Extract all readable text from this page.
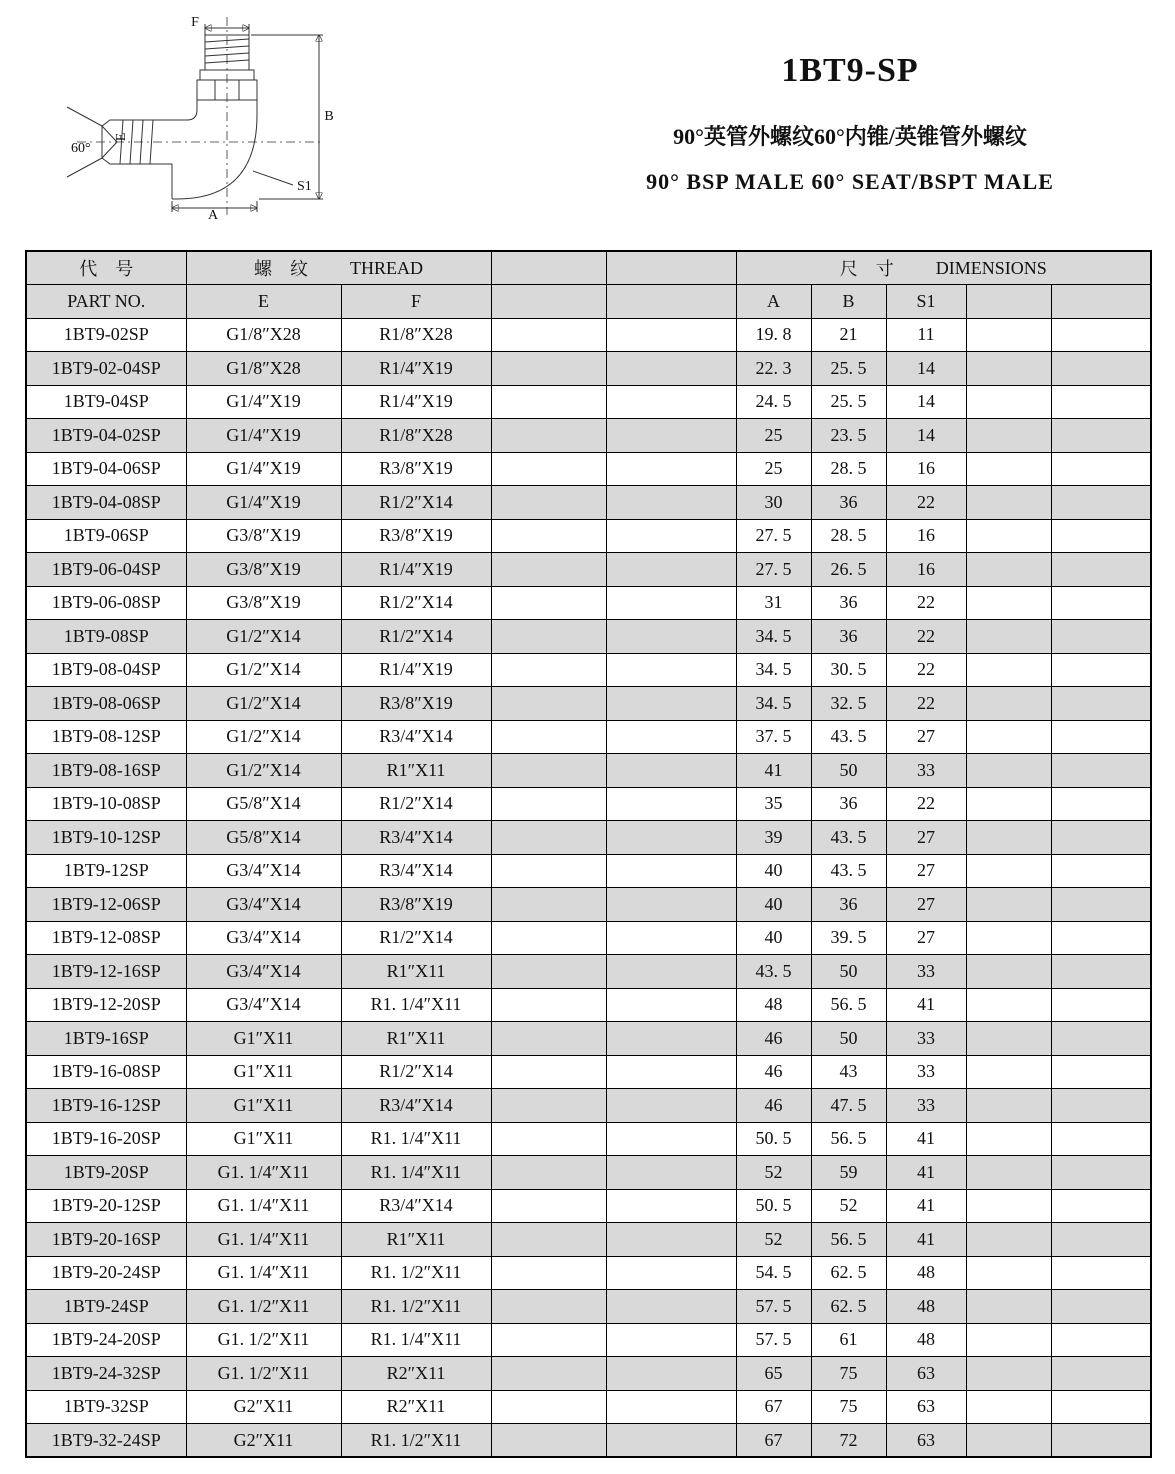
F
B
E
A
S1
60°
1BT9-SP
90°英管外螺纹60°内锥/英锥管外螺纹
90° BSP MALE 60° SEAT/BSPT MALE
代　号	螺　纹 THREAD				尺　寸 DIMENSIONS				

PART NO.	E	F			A	B	S1		
1BT9-02SP	G1/8″X28	R1/8″X28			19. 8	21	11		
1BT9-02-04SP	G1/8″X28	R1/4″X19			22. 3	25. 5	14		
1BT9-04SP	G1/4″X19	R1/4″X19			24. 5	25. 5	14		
1BT9-04-02SP	G1/4″X19	R1/8″X28			25	23. 5	14		
1BT9-04-06SP	G1/4″X19	R3/8″X19			25	28. 5	16		
1BT9-04-08SP	G1/4″X19	R1/2″X14			30	36	22		
1BT9-06SP	G3/8″X19	R3/8″X19			27. 5	28. 5	16		
1BT9-06-04SP	G3/8″X19	R1/4″X19			27. 5	26. 5	16		
1BT9-06-08SP	G3/8″X19	R1/2″X14			31	36	22		
1BT9-08SP	G1/2″X14	R1/2″X14			34. 5	36	22		
1BT9-08-04SP	G1/2″X14	R1/4″X19			34. 5	30. 5	22		
1BT9-08-06SP	G1/2″X14	R3/8″X19			34. 5	32. 5	22		
1BT9-08-12SP	G1/2″X14	R3/4″X14			37. 5	43. 5	27		
1BT9-08-16SP	G1/2″X14	R1″X11			41	50	33		
1BT9-10-08SP	G5/8″X14	R1/2″X14			35	36	22		
1BT9-10-12SP	G5/8″X14	R3/4″X14			39	43. 5	27		
1BT9-12SP	G3/4″X14	R3/4″X14			40	43. 5	27		
1BT9-12-06SP	G3/4″X14	R3/8″X19			40	36	27		
1BT9-12-08SP	G3/4″X14	R1/2″X14			40	39. 5	27		
1BT9-12-16SP	G3/4″X14	R1″X11			43. 5	50	33		
1BT9-12-20SP	G3/4″X14	R1. 1/4″X11			48	56. 5	41		
1BT9-16SP	G1″X11	R1″X11			46	50	33		
1BT9-16-08SP	G1″X11	R1/2″X14			46	43	33		
1BT9-16-12SP	G1″X11	R3/4″X14			46	47. 5	33		
1BT9-16-20SP	G1″X11	R1. 1/4″X11			50. 5	56. 5	41		
1BT9-20SP	G1. 1/4″X11	R1. 1/4″X11			52	59	41		
1BT9-20-12SP	G1. 1/4″X11	R3/4″X14			50. 5	52	41		
1BT9-20-16SP	G1. 1/4″X11	R1″X11			52	56. 5	41		
1BT9-20-24SP	G1. 1/4″X11	R1. 1/2″X11			54. 5	62. 5	48		
1BT9-24SP	G1. 1/2″X11	R1. 1/2″X11			57. 5	62. 5	48		
1BT9-24-20SP	G1. 1/2″X11	R1. 1/4″X11			57. 5	61	48		
1BT9-24-32SP	G1. 1/2″X11	R2″X11			65	75	63		
1BT9-32SP	G2″X11	R2″X11			67	75	63		
1BT9-32-24SP	G2″X11	R1. 1/2″X11			67	72	63		
